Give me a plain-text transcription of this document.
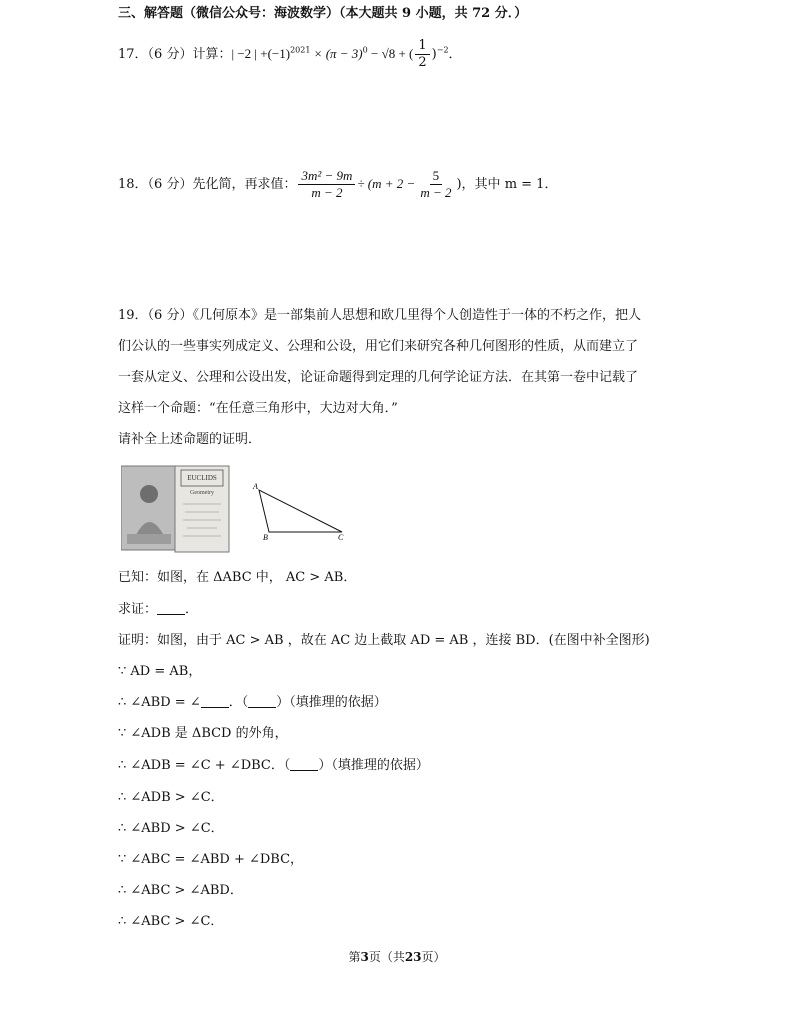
三、解答题（微信公众号：海波数学）（本大题共 9 小题，共 72 分．）
17．（6 分）计算：| −2 | $+(-1)^{2021} \times (\pi - 3)^0 - √8$ + ( $\frac{1}{2} )^{-2}$．
18．（6 分）先化简，再求值： $\frac{\text{3m² − 9m}}{m - 2} \div (m + 2 - \frac{5}{m - 2}$ )，其中 m = 1．
19．（6 分）《几何原本》是一部集前人思想和欧几里得个人创造性于一体的不朽之作，把人
们公认的一些事实列成定义、公理和公设，用它们来研究各种几何图形的性质，从而建立了
一套从定义、公理和公设出发，论证命题得到定理的几何学论证方法．在其第一卷中记载了
这样一个命题：“在任意三角形中，大边对大角．”
请补全上述命题的证明．
EUCLIDS
Geometry
A
B	C
已知：如图，在 ΔABC 中， AC > AB．
求证： ．
证明：如图，由于 AC > AB ，故在 AC 边上截取 AD = AB ，连接 BD．(在图中补全图形)
∵ AD = AB，
∴ ∠ABD = ∠ ．（ ）（填推理的依据）
∵ ∠ADB 是 ΔBCD 的外角，
∴ ∠ADB = ∠C + ∠DBC．（ ）（填推理的依据）
∴ ∠ADB > ∠C．
∴ ∠ABD > ∠C．
∵ ∠ABC = ∠ABD + ∠DBC，
∴ ∠ABC > ∠ABD．
∴ ∠ABC > ∠C．
第3页（共23页）
